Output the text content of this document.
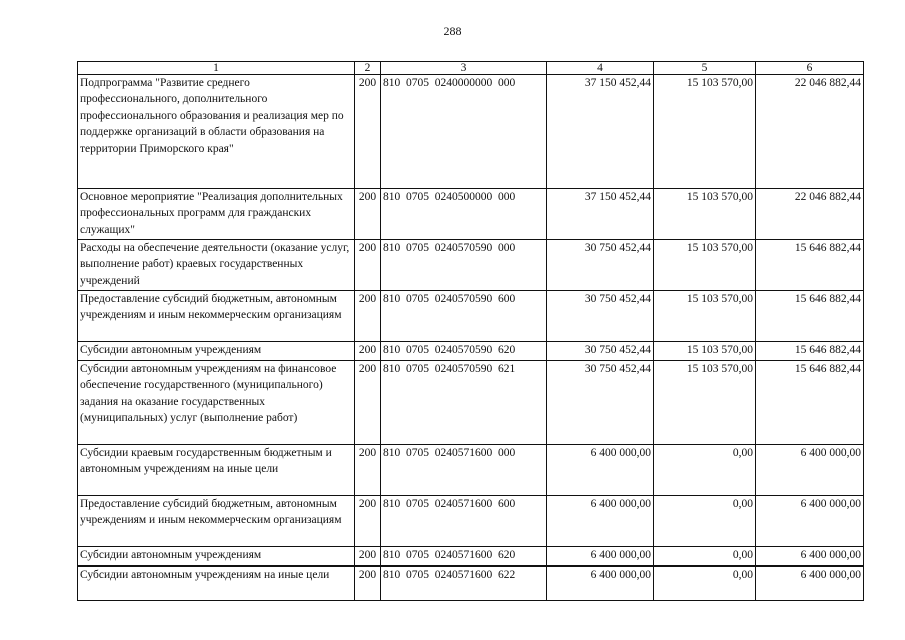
288
1	2	3	4	5	6
Подпрограмма "Развитие среднего профессионального, дополнительного профессионального образования и реализация мер по поддержке организаций в области образования на территории Приморского края"	200	810  0705  0240000000  000	37 150 452,44	15 103 570,00	22 046 882,44
Основное мероприятие "Реализация дополнительных профессиональных программ для гражданских служащих"	200	810  0705  0240500000  000	37 150 452,44	15 103 570,00	22 046 882,44
Расходы на обеспечение деятельности (оказание услуг, выполнение работ) краевых государственных учреждений	200	810  0705  0240570590  000	30 750 452,44	15 103 570,00	15 646 882,44
Предоставление субсидий бюджетным, автономным учреждениям и иным некоммерческим организациям	200	810  0705  0240570590  600	30 750 452,44	15 103 570,00	15 646 882,44
Субсидии автономным учреждениям	200	810  0705  0240570590  620	30 750 452,44	15 103 570,00	15 646 882,44
Субсидии автономным учреждениям на финансовое обеспечение государственного (муниципального) задания на оказание государственных (муниципальных) услуг (выполнение работ)	200	810  0705  0240570590  621	30 750 452,44	15 103 570,00	15 646 882,44
Субсидии краевым государственным бюджетным и автономным учреждениям на иные цели	200	810  0705  0240571600  000	6 400 000,00	0,00	6 400 000,00
Предоставление субсидий бюджетным, автономным учреждениям и иным некоммерческим организациям	200	810  0705  0240571600  600	6 400 000,00	0,00	6 400 000,00
Субсидии автономным учреждениям	200	810  0705  0240571600  620	6 400 000,00	0,00	6 400 000,00
Субсидии автономным учреждениям на иные цели	200	810  0705  0240571600  622	6 400 000,00	0,00	6 400 000,00
